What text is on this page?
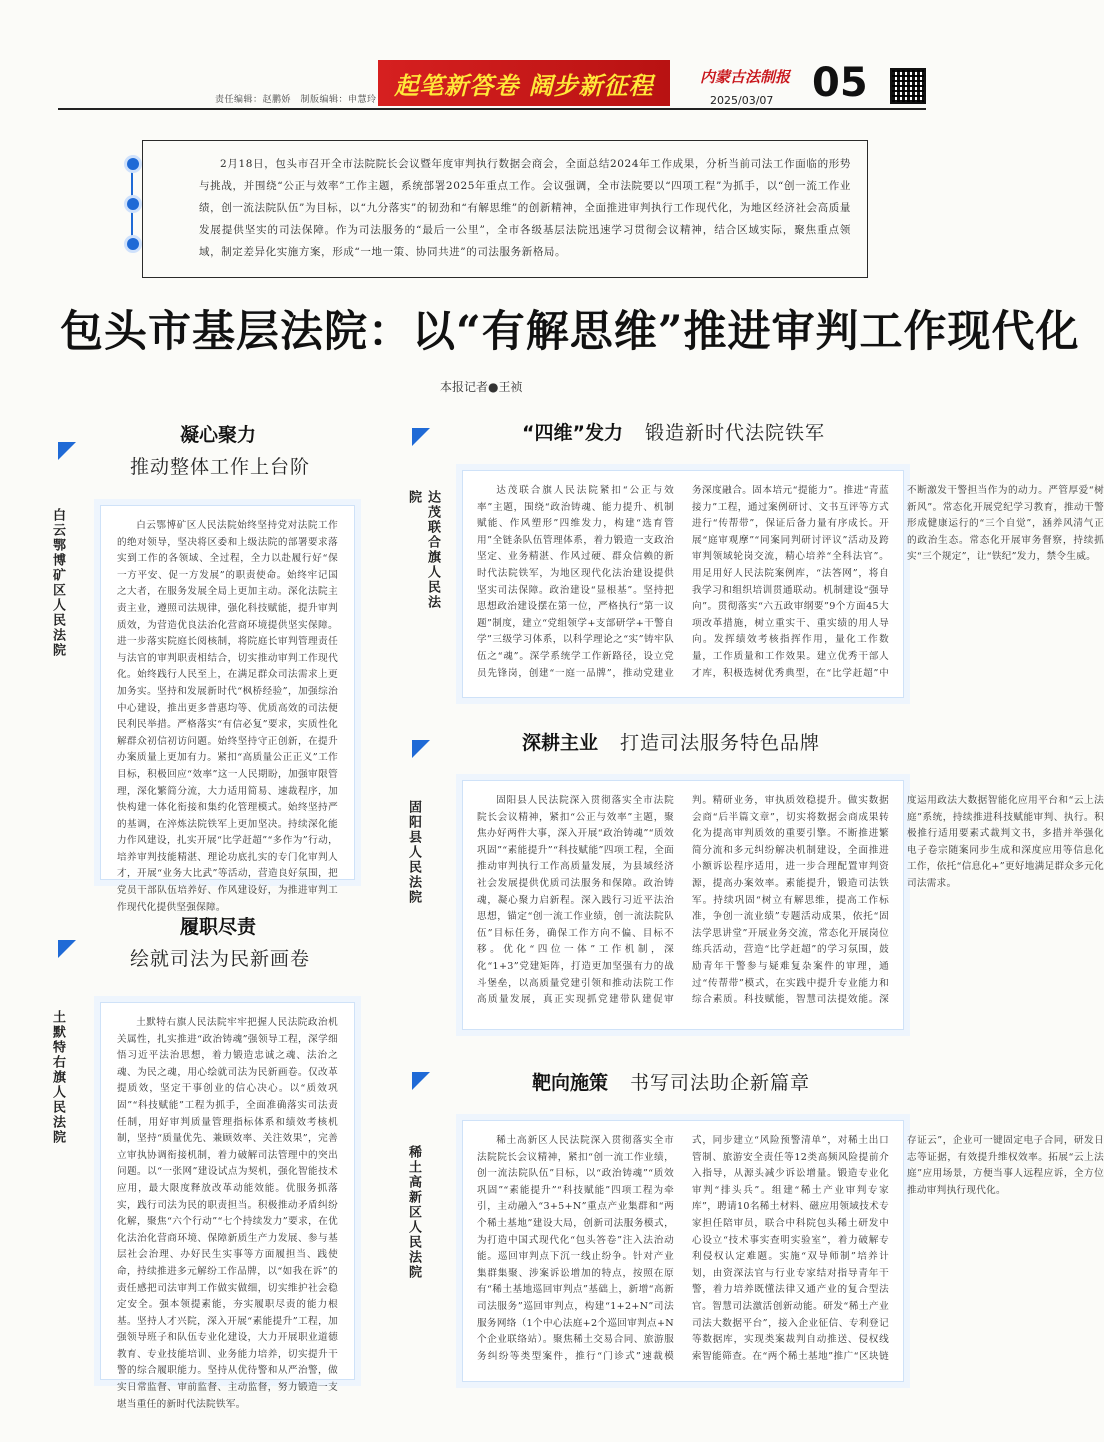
责任编辑：赵鹏娇　制版编辑：申慧玲
起笔新答卷 阔步新征程	内蒙古法制报
2025/03/07 05
2月18日，包头市召开全市法院院长会议暨年度审判执行数据会商会，全面总结2024年工作成果，分析当前司法工作面临的形势与挑战，并围绕“公正与效率”工作主题，系统部署2025年重点工作。会议强调，全市法院要以“四项工程”为抓手，以“创一流工作业绩，创一流法院队伍”为目标，以“九分落实”的韧劲和“有解思维”的创新精神，全面推进审判执行工作现代化，为地区经济社会高质量发展提供坚实的司法保障。作为司法服务的“最后一公里”，全市各级基层法院迅速学习贯彻会议精神，结合区域实际，聚焦重点领域，制定差异化实施方案，形成“一地一策、协同共进”的司法服务新格局。
包头市基层法院：以“有解思维”推进审判工作现代化
本报记者●王祯
凝心聚力
推动整体工作上台阶
白云鄂博矿区人民法院	白云鄂博矿区人民法院始终坚持党对法院工作的绝对领导，坚决将区委和上级法院的部署要求落实到工作的各领域、全过程，全力以赴履行好“保一方平安、促一方发展”的职责使命。始终牢记国之大者，在服务发展全局上更加主动。深化法院主责主业，遵照司法规律，强化科技赋能，提升审判质效，为营造优良法治化营商环境提供坚实保障。进一步落实院庭长阅核制，将院庭长审判管理责任与法官的审判职责相结合，切实推动审判工作现代化。始终践行人民至上，在满足群众司法需求上更加务实。坚持和发展新时代“枫桥经验”，加强综治中心建设，推出更多普惠均等、优质高效的司法便民利民举措。严格落实“有信必复”要求，实质性化解群众初信初访问题。始终坚持守正创新，在提升办案质量上更加有力。紧扣“高质量公正正义”工作目标，积极回应“效率”这一人民期盼，加强审限管理，深化繁简分流，大力适用简易、速裁程序，加快构建一体化衔接和集约化管理模式。始终坚持严的基调，在淬炼法院铁军上更加坚决。持续深化能力作风建设，扎实开展“比学赶超”“多作为”行动，培养审判技能精湛、理论功底扎实的专门化审判人才，开展“业务大比武”等活动，营造良好氛围，把党员干部队伍培养好、作风建设好，为推进审判工作现代化提供坚强保障。
履职尽责
绘就司法为民新画卷
土默特右旗人民法院	土默特右旗人民法院牢牢把握人民法院政治机关属性，扎实推进“政治铸魂”强领导工程，深学细悟习近平法治思想，着力锻造忠诚之魂、法治之魂、为民之魂，用心绘就司法为民新画卷。仅改革提质效，坚定干事创业的信心决心。以“质效巩固”“科技赋能”工程为抓手，全面准确落实司法责任制，用好审判质量管理指标体系和绩效考核机制，坚持“质量优先、兼顾效率、关注效果”，完善立审执协调衔接机制，着力破解司法管理中的突出问题。以“一张网”建设试点为契机，强化智能技术应用，最大限度释放改革动能效能。优服务抓落实，践行司法为民的职责担当。积极推动矛盾纠纷化解，聚焦“六个行动”“七个持续发力”要求，在优化法治化营商环境、保障新质生产力发展、参与基层社会治理、办好民生实事等方面履担当、践使命，持续推进多元解纷工作品牌，以“如我在诉”的责任感把司法审判工作做实做细，切实维护社会稳定安全。强本领提素能，夯实履职尽责的能力根基。坚持人才兴院，深入开展“素能提升”工程，加强领导班子和队伍专业化建设，大力开展职业道德教育、专业技能培训、业务能力培养，切实提升干警的综合履职能力。坚持从优待警和从严治警，做实日常监督、审前监督、主动监督，努力锻造一支堪当重任的新时代法院铁军。
“四维”发力 锻造新时代法院铁军
达茂联合旗人民法院	达茂联合旗人民法院紧扣“公正与效率”主题，围绕“政治铸魂、能力提升、机制赋能、作风塑形”四维发力，构建“选育管用”全链条队伍管理体系，着力锻造一支政治坚定、业务精湛、作风过硬、群众信赖的新时代法院铁军，为地区现代化法治建设提供坚实司法保障。政治建设“显根基”。坚持把思想政治建设摆在第一位，严格执行“第一议题”制度，建立“党组领学+支部研学+干警自学”三级学习体系，以科学理论之“实”铸牢队伍之“魂”。深学系统学工作新路径，设立党员先锋岗，创建“一庭一品牌”，推动党建业务深度融合。固本培元“提能力”。推进“青蓝接力”工程，通过案例研讨、文书互评等方式进行“传帮带”，保证后备力量有序成长。开展“庭审观摩”“同案同判研讨评议”活动及跨审判领域轮岗交流，精心培养“全科法官”。用足用好人民法院案例库，“法答网”，将自我学习和组织培训贯通联动。机制建设“强导向”。贯彻落实“六五政审纲要”9个方面45大项改革措施，树立重实干、重实绩的用人导向。发挥绩效考核指挥作用，量化工作数量，工作质量和工作效果。建立优秀干部人才库，积极选树优秀典型，在“比学赶超”中不断激发干警担当作为的动力。严管厚爱“树新风”。常态化开展党纪学习教育，推动干警形成健康运行的“三个自觉”，涵养风清气正的政治生态。常态化开展审务督察，持续抓实“三个规定”，让“铁纪”发力，禁令生威。
深耕主业 打造司法服务特色品牌
固阳县人民法院	固阳县人民法院深入贯彻落实全市法院院长会议精神，紧扣“公正与效率”主题，聚焦办好两件大事，深入开展“政治铸魂”“质效巩固”“素能提升”“科技赋能”四项工程，全面推动审判执行工作高质量发展，为县域经济社会发展提供优质司法服务和保障。政治铸魂，凝心聚力启新程。深入践行习近平法治思想，锚定“创一流工作业绩，创一流法院队伍”目标任务，确保工作方向不偏、目标不移。优化“四位一体”工作机制，深化“1+3”党建矩阵，打造更加坚强有力的战斗堡垒，以高质量党建引领和推动法院工作高质量发展，真正实现抓党建带队建促审判。精研业务，审执质效稳提升。做实数据会商“后半篇文章”，切实将数据会商成果转化为提高审判质效的重要引擎。不断推进繁简分流和多元纠纷解决机制建设，全面推进小额诉讼程序适用，进一步合理配置审判资源，提高办案效率。素能提升，锻造司法铁军。持续巩固“树立有解思维，提高工作标准，争创一流业绩”专题活动成果，依托“固法学思讲堂”开展业务交流，常态化开展岗位练兵活动，营造“比学赶超”的学习氛围，鼓励青年干警参与疑难复杂案件的审理，通过“传帮带”模式，在实践中提升专业能力和综合素质。科技赋能，智慧司法提效能。深度运用政法大数据智能化应用平台和“云上法庭”系统，持续推进科技赋能审判、执行。积极推行适用要素式裁判文书，多措并举强化电子卷宗随案同步生成和深度应用等信息化工作，依托“信息化+”更好地满足群众多元化司法需求。
靶向施策 书写司法助企新篇章
稀土高新区人民法院
稀土高新区人民法院深入贯彻落实全市法院院长会议精神，紧扣“创一流工作业绩，创一流法院队伍”目标，以“政治铸魂”“质效巩固”“素能提升”“科技赋能”四项工程为牵引，主动融入“3+5+N”重点产业集群和“两个稀土基地”建设大局，创新司法服务模式，为打造中国式现代化“包头答卷”注入法治动能。巡回审判点下沉一线止纷争。针对产业集群集聚、涉案诉讼增加的特点，按照在原有“稀土基地巡回审判点”基础上，新增“高新司法服务”巡回审判点，构建“1+2+N”司法服务网络（1个中心法庭+2个巡回审判点+N个企业联络站）。聚焦稀土交易合同、旅游服务纠纷等类型案件，推行“门诊式”速裁模式，同步建立“风险预警清单”，对稀土出口管制、旅游安全责任等12类高频风险提前介入指导，从源头减少诉讼增量。锻造专业化审判“排头兵”。组建“稀土产业审判专家库”，聘请10名稀土材料、磁应用领域技术专家担任陪审员，联合中科院包头稀土研发中心设立“技术事实查明实验室”，着力破解专利侵权认定难题。实施“双导师制”培养计划，由资深法官与行业专家结对指导青年干警，着力培养既懂法律又通产业的复合型法官。智慧司法激活创新动能。研发“稀土产业司法大数据平台”，接入企业征信、专利登记等数据库，实现类案裁判自动推送、侵权线索智能筛查。在“两个稀土基地”推广“区块链存证云”，企业可一键固定电子合同，研发日志等证据，有效提升维权效率。拓展“云上法庭”应用场景，方便当事人远程应诉，全方位推动审判执行现代化。
